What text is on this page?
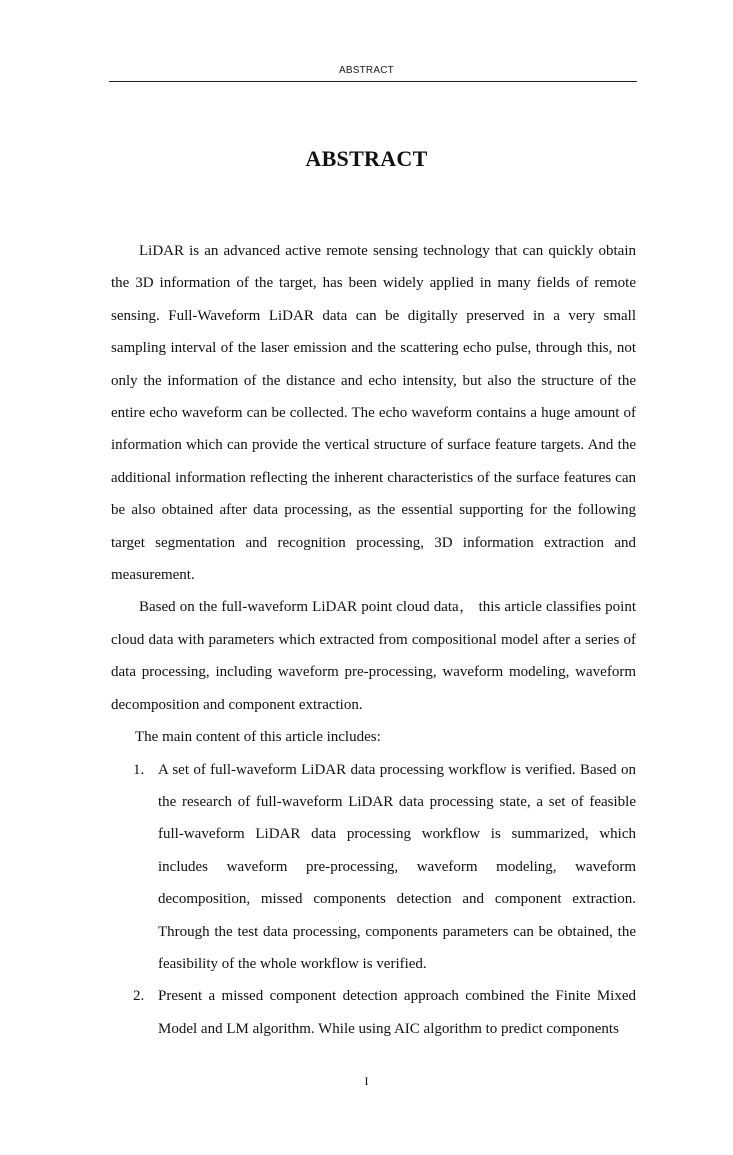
ABSTRACT
ABSTRACT

LiDAR is an advanced active remote sensing technology that can quickly obtain the 3D information of the target, has been widely applied in many fields of remote sensing. Full-Waveform LiDAR data can be digitally preserved in a very small sampling interval of the laser emission and the scattering echo pulse, through this, not only the information of the distance and echo intensity, but also the structure of the entire echo waveform can be collected. The echo waveform contains a huge amount of information which can provide the vertical structure of surface feature targets. And the additional information reflecting the inherent characteristics of the surface features can be also obtained after data processing, as the essential supporting for the following target segmentation and recognition processing, 3D information extraction and measurement.

Based on the full-waveform LiDAR point cloud data， this article classifies point cloud data with parameters which extracted from compositional model after a series of data processing, including waveform pre-processing, waveform modeling, waveform decomposition and component extraction.

The main content of this article includes:

1. A set of full-waveform LiDAR data processing workflow is verified. Based on the research of full-waveform LiDAR data processing state, a set of feasible full-waveform LiDAR data processing workflow is summarized, which includes waveform pre-processing, waveform modeling, waveform decomposition, missed components detection and component extraction. Through the test data processing, components parameters can be obtained, the feasibility of the whole workflow is verified.
2. Present a missed component detection approach combined the Finite Mixed Model and LM algorithm. While using AIC algorithm to predict components
I
